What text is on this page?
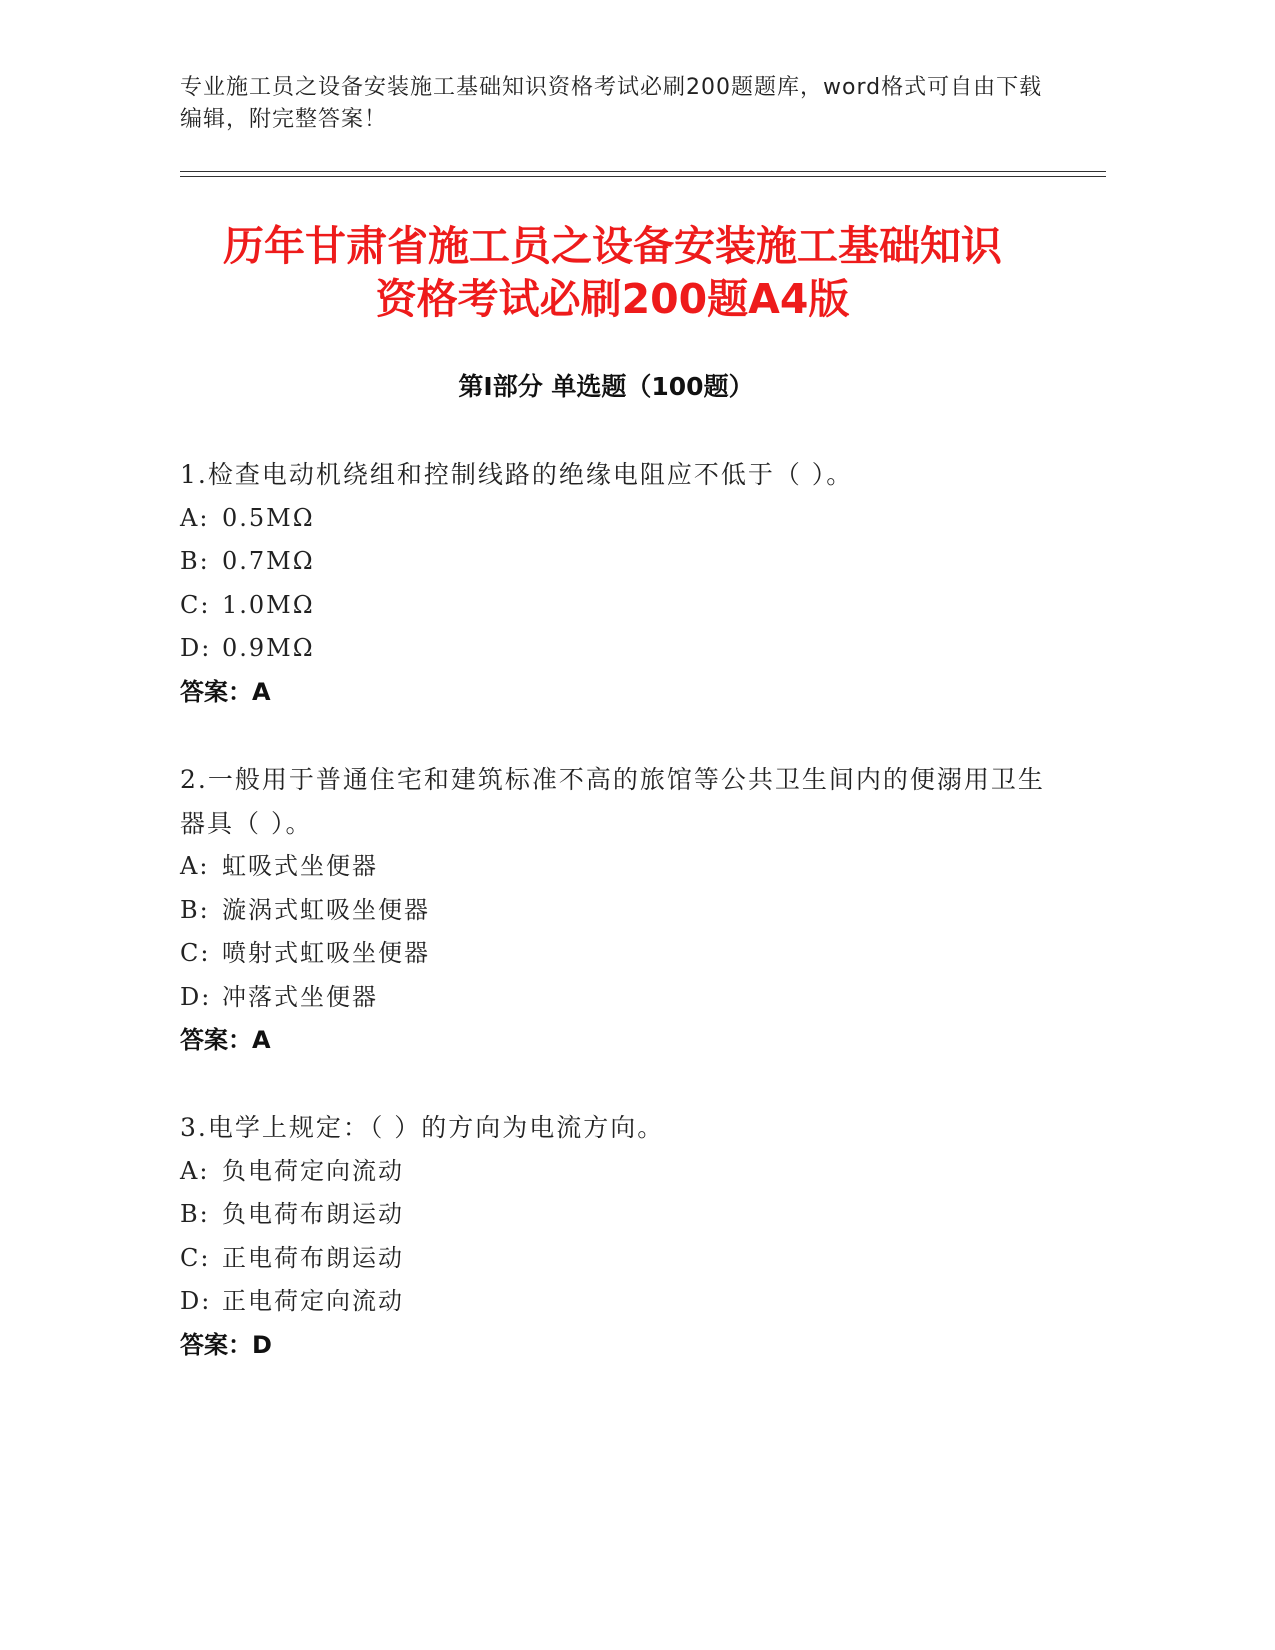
专业施工员之设备安装施工基础知识资格考试必刷200题题库，word格式可自由下载编辑，附完整答案！
历年甘肃省施工员之设备安装施工基础知识
资格考试必刷200题A4版
第I部分 单选题（100题）

1.检查电动机绕组和控制线路的绝缘电阻应不低于（ ）。

A: 0.5MΩ

B: 0.7MΩ

C: 1.0MΩ

D: 0.9MΩ

答案：A

2.一般用于普通住宅和建筑标准不高的旅馆等公共卫生间内的便溺用卫生器具（ ）。

A: 虹吸式坐便器

B: 漩涡式虹吸坐便器

C: 喷射式虹吸坐便器

D: 冲落式坐便器

答案：A

3.电学上规定：（ ）的方向为电流方向。

A: 负电荷定向流动

B: 负电荷布朗运动

C: 正电荷布朗运动

D: 正电荷定向流动

答案：D
